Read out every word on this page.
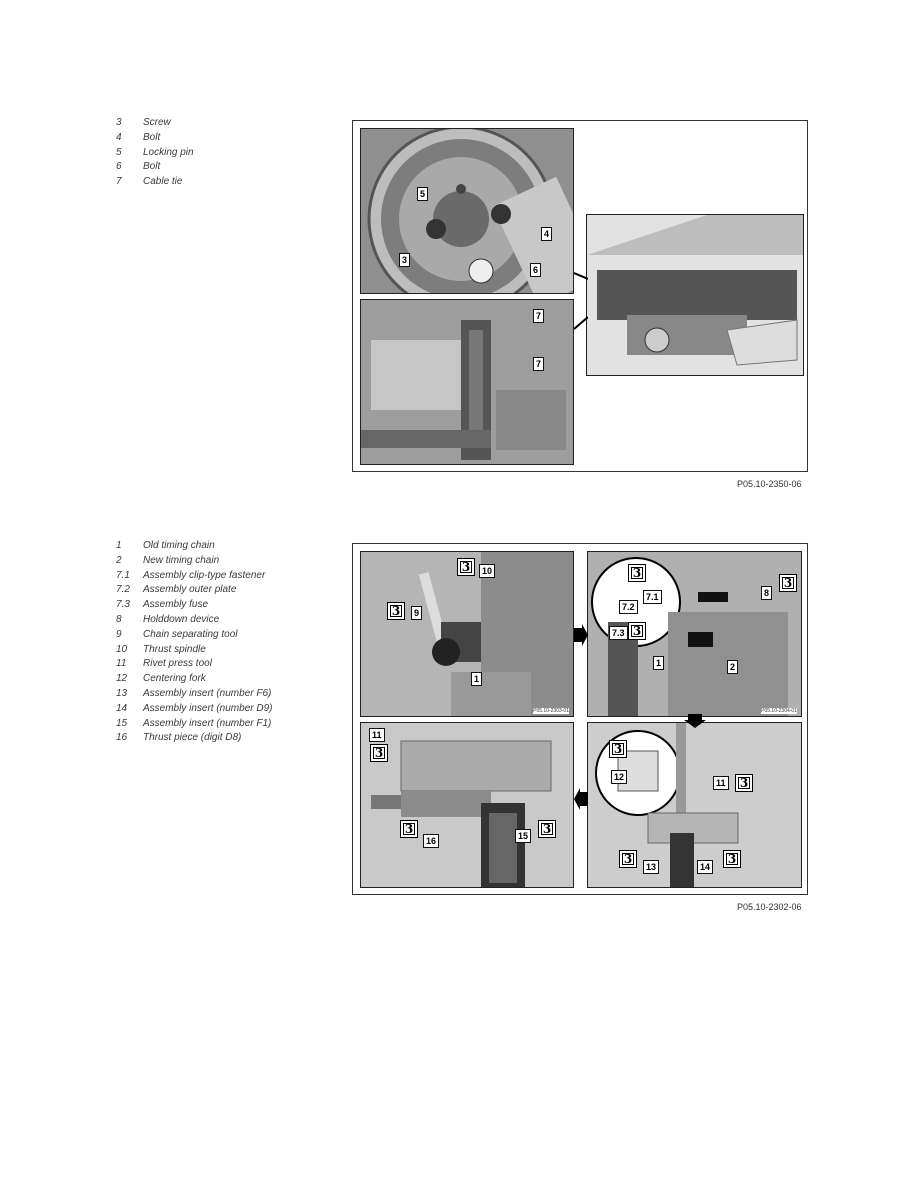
3	Screw
4	Bolt
5	Locking pin
6	Bolt
7	Cable tie
5
4
3
6
7
7
P05.10-2350-06
1	Old timing chain
2	New timing chain
7.1	Assembly clip-type fastener
7.2	Assembly outer plate
7.3	Assembly fuse
8	Holddown device
9	Chain separating tool
10	Thrust spindle
11	Rivet press tool
12	Centering fork
13	Assembly insert (number F6)
14	Assembly insert (number D9)
15	Assembly insert (number F1)
16	Thrust piece (digit D8)
P05.10-2303-01
3	10
3	9
1
P05.10-2304-01
3
7.1
7.2
7.3 3
8
3
1	2
11
3
3
16	15	3
3
12
11	3
3
13	14
3
P05.10-2302-06
